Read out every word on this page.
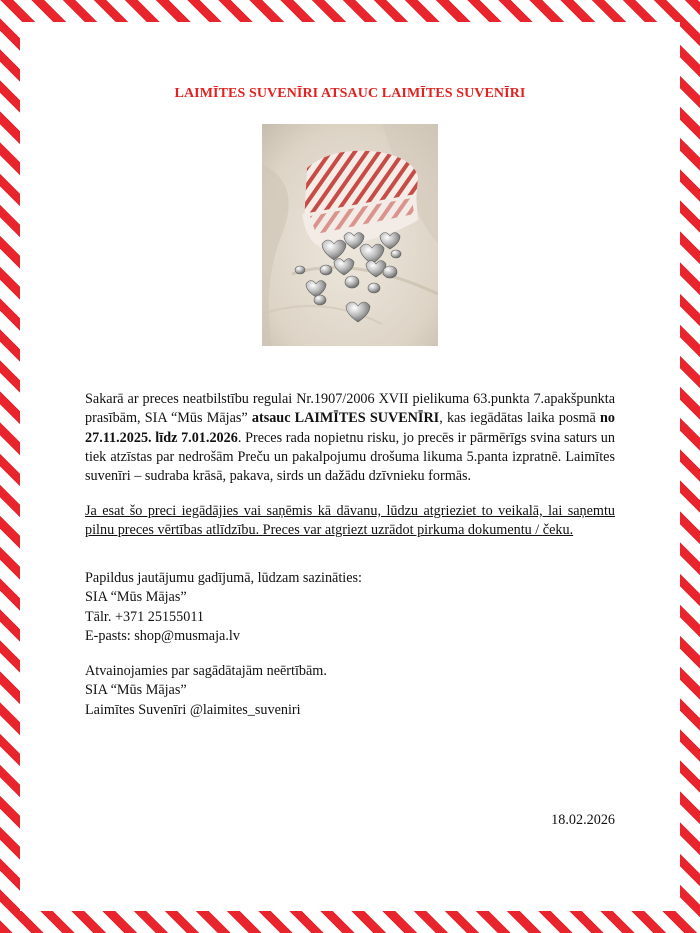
LAIMĪTES SUVENĪRI ATSAUC LAIMĪTES SUVENĪRI
Sakarā ar preces neatbilstību regulai Nr.1907/2006 XVII pielikuma 63.punkta 7.apakšpunkta prasībām, SIA “Mūs Mājas” atsauc LAIMĪTES SUVENĪRI, kas iegādātas laika posmā no 27.11.2025. līdz 7.01.2026. Preces rada nopietnu risku, jo precēs ir pārmērīgs svina saturs un tiek atzīstas par nedrošām Preču un pakalpojumu drošuma likuma 5.panta izpratnē. Laimītes suvenīri – sudraba krāsā, pakava, sirds un dažādu dzīvnieku formās.
Ja esat šo preci iegādājies vai saņēmis kā dāvanu, lūdzu atgrieziet to veikalā, lai saņemtu pilnu preces vērtības atlīdzību. Preces var atgriezt uzrādot pirkuma dokumentu / čeku.
Papildus jautājumu gadījumā, lūdzam sazināties:
SIA “Mūs Mājas”
Tālr. +371 25155011
E-pasts: shop@musmaja.lv
Atvainojamies par sagādātajām neērtībām.
SIA “Mūs Mājas”
Laimītes Suvenīri @laimites_suveniri
18.02.2026
